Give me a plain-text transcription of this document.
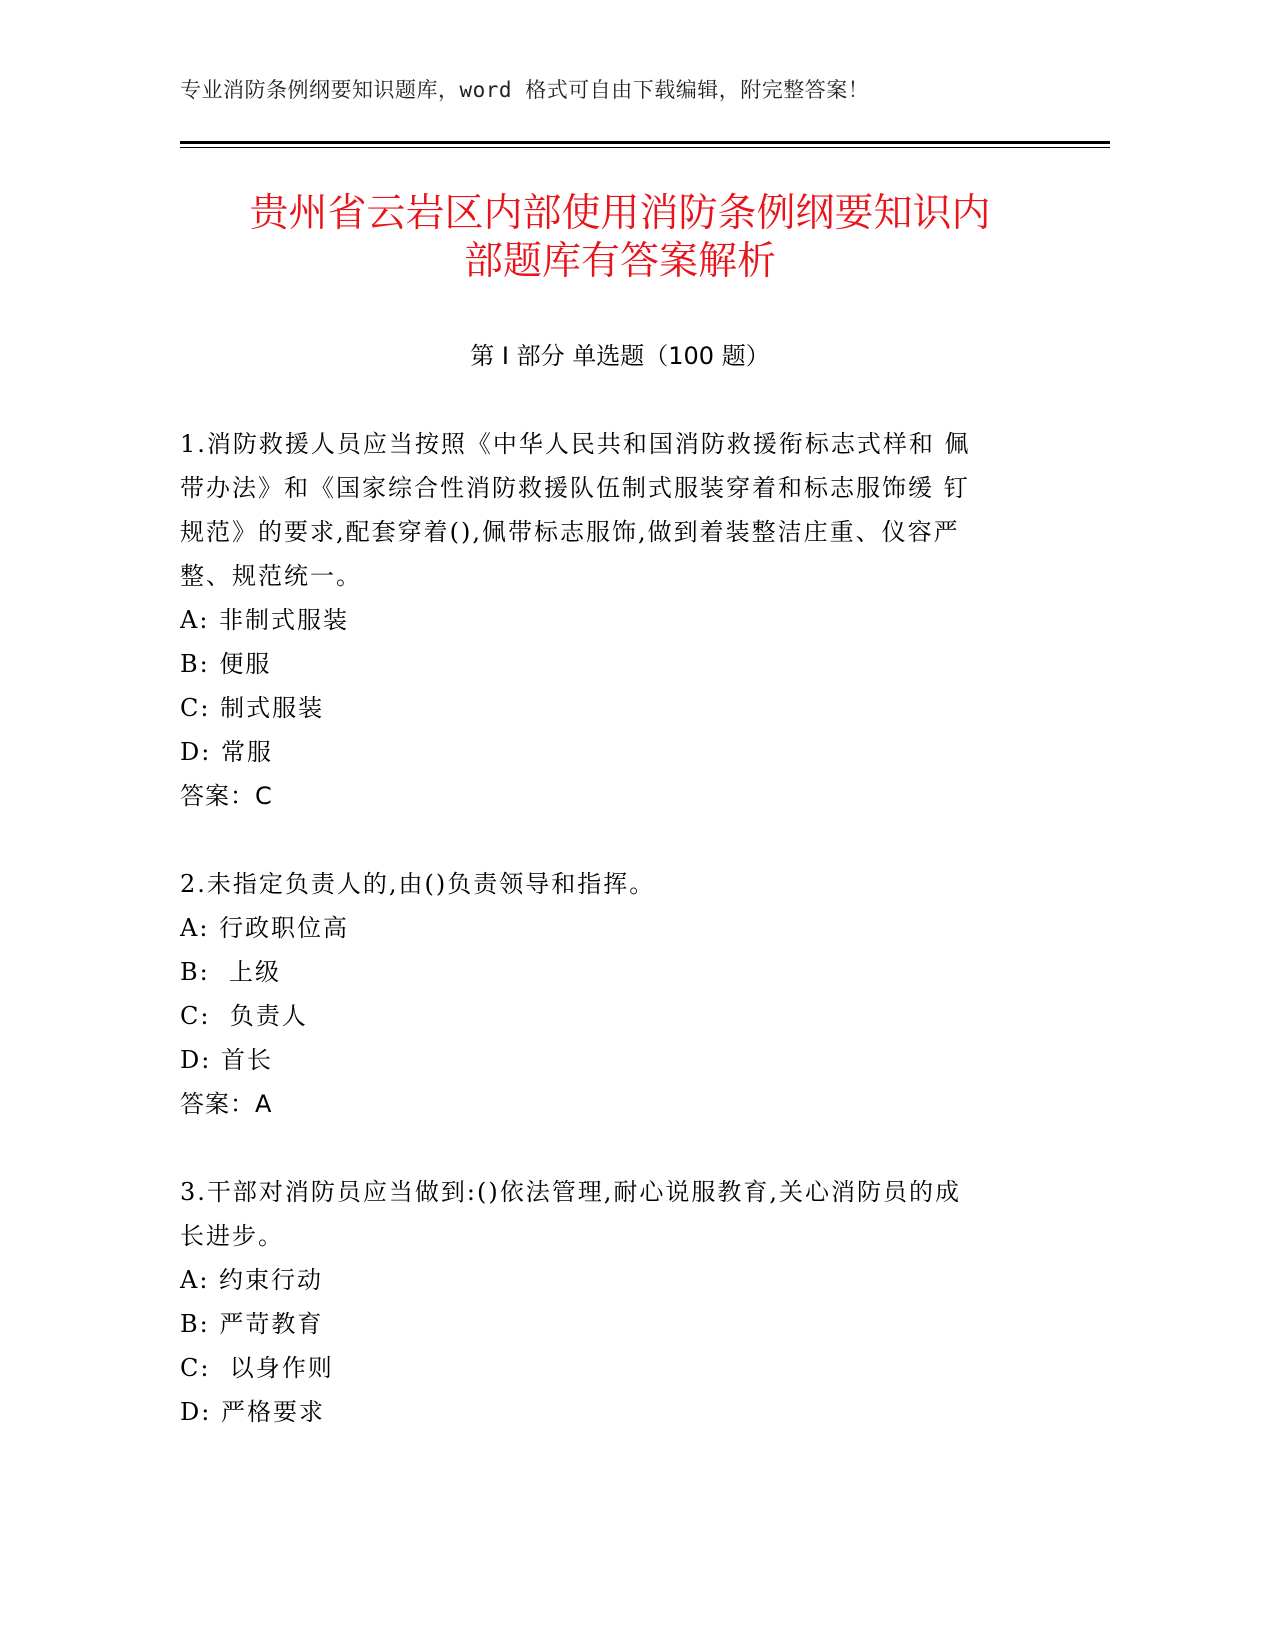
专业消防条例纲要知识题库，word 格式可自由下载编辑，附完整答案！
贵州省云岩区内部使用消防条例纲要知识内
部题库有答案解析
第 I 部分 单选题（100 题）
1.消防救援人员应当按照《中华人民共和国消防救援衔标志式样和 佩
带办法》和《国家综合性消防救援队伍制式服装穿着和标志服饰缓 钉
规范》的要求,配套穿着(),佩带标志服饰,做到着装整洁庄重、仪容严
整、规范统一。
A: 非制式服装
B: 便服
C: 制式服装
D: 常服
答案：C
2.未指定负责人的,由()负责领导和指挥。
A: 行政职位高
B:  上级
C:  负责人
D: 首长
答案：A
3.干部对消防员应当做到:()依法管理,耐心说服教育,关心消防员的成
长进步。
A: 约束行动
B: 严苛教育
C:  以身作则
D: 严格要求
